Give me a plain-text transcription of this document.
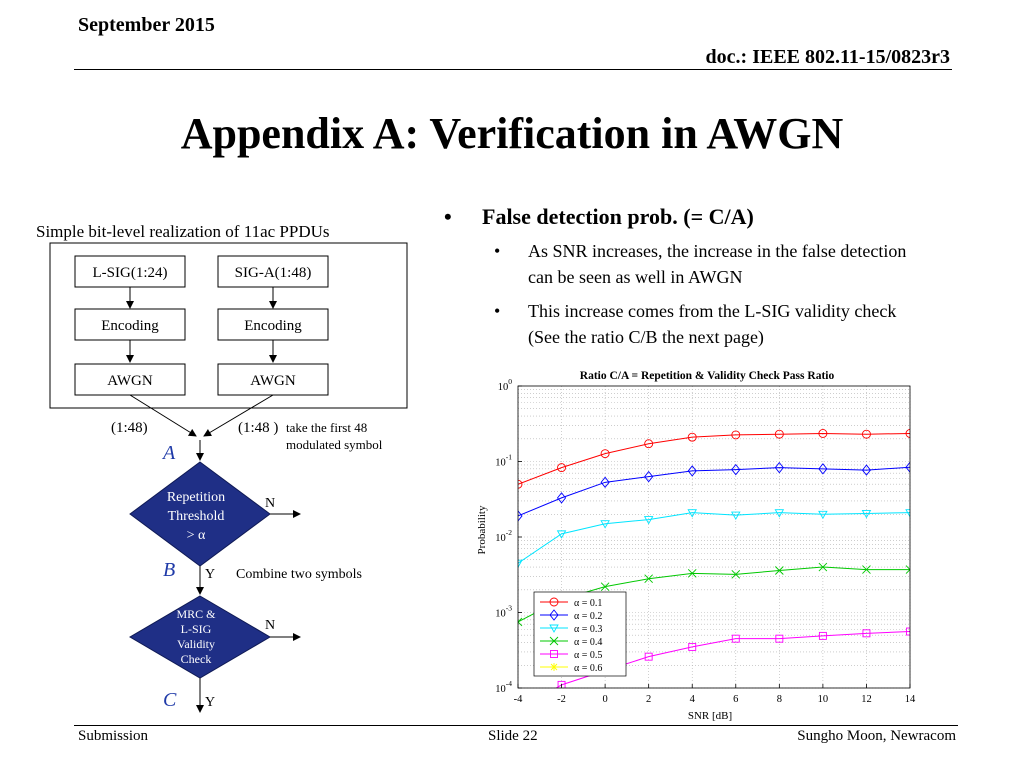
September 2015
doc.: IEEE 802.11-15/0823r3
Appendix A: Verification in AWGN
Simple bit-level realization of 11ac PPDUs
L-SIG(1:24)	SIG-A(1:48)
Encoding	Encoding
AWGN	AWGN
(1:48)	(1:48 ) take the first 48
modulated symbol
A
Repetition
Threshold
> α
N
B Y Combine two symbols
MRC &
L-SIG
Validity
Check
N
C Y
• False detection prob. (= C/A)
• As SNR increases, the increase in the false detection can be seen as well in AWGN
• This increase comes from the L-SIG validity check (See the ratio C/B the next page)
Ratio C/A = Repetition & Validity Check Pass Ratio
-4	-2	0	2	4	6	8	10	12	14
$10^0$
$10^{-1}$
$10^{-2}$
$10^{-3}$
$10^{-4}$
SNR [dB]
Probability
α = 0.1
α = 0.2
α = 0.3
α = 0.4
α = 0.5
α = 0.6
Submission	Slide 22	Sungho Moon, Newracom
